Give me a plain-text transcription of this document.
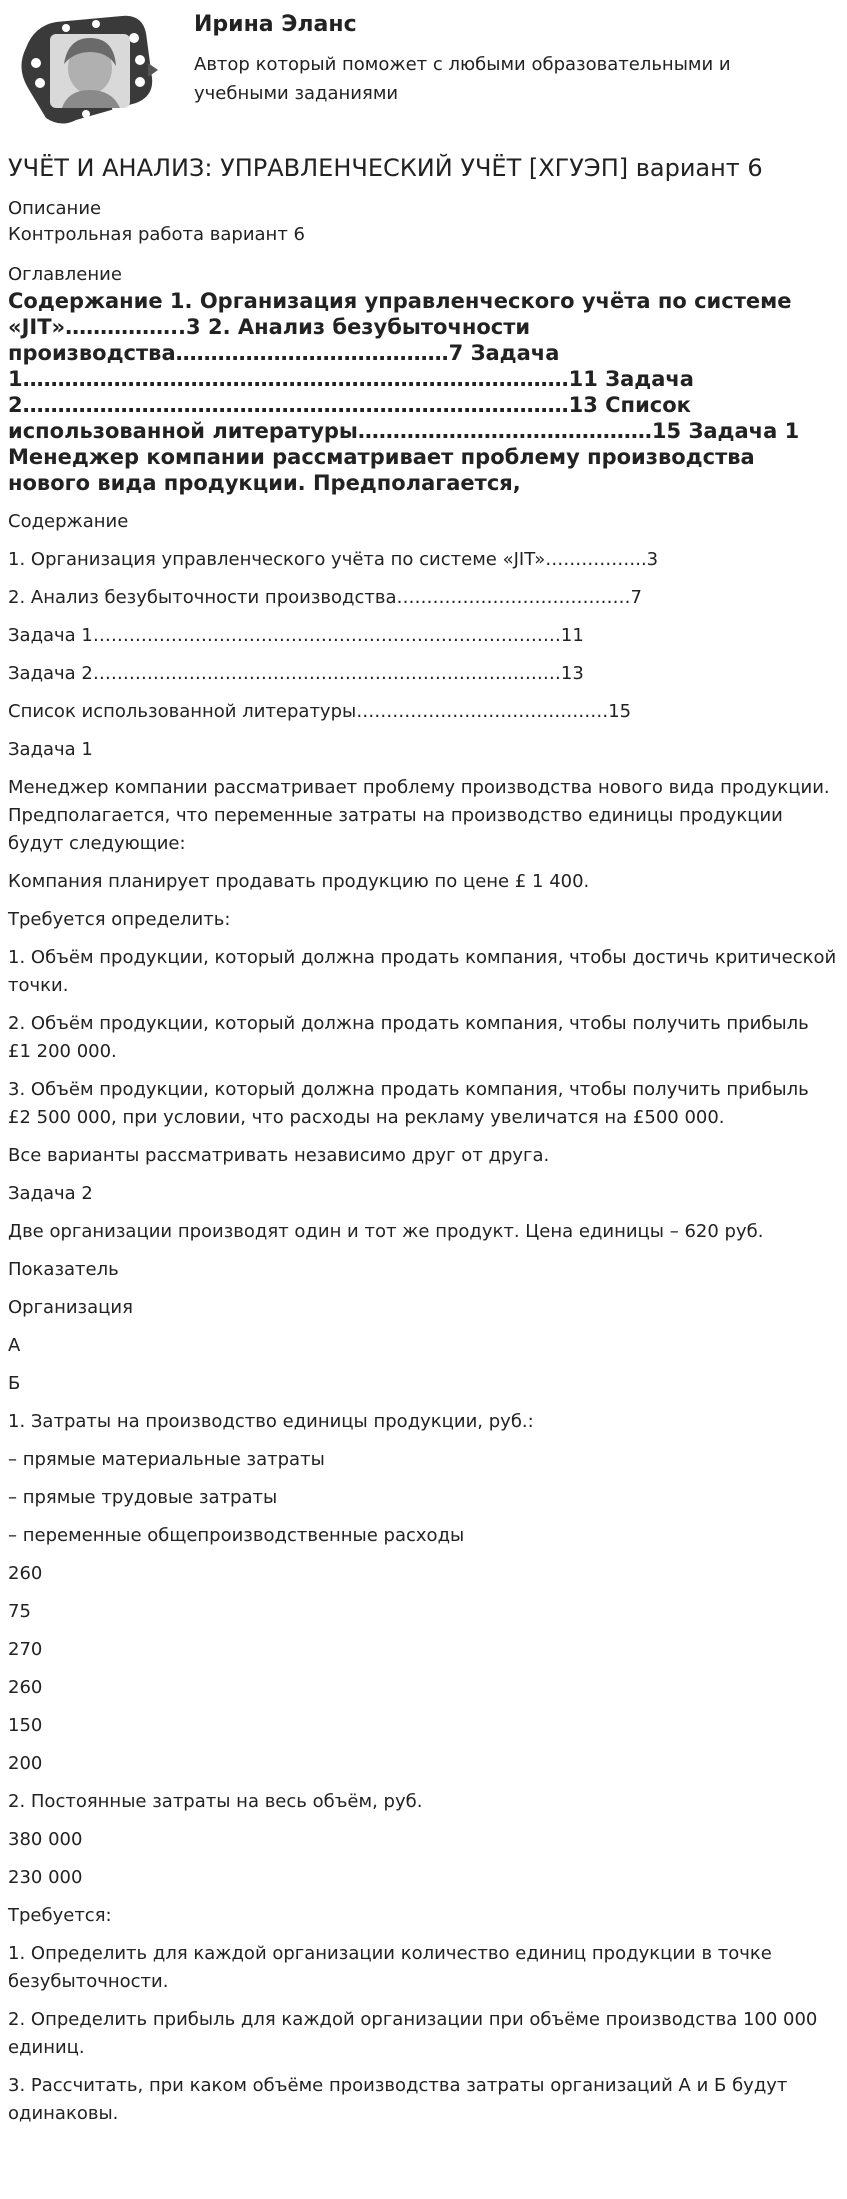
Ирина Эланс

Автор который поможет с любыми образовательными и учебными заданиями

УЧЁТ И АНАЛИЗ: УПРАВЛЕНЧЕСКИЙ УЧЁТ [ХГУЭП] вариант 6

Описание

Контрольная работа вариант 6

Оглавление

Содержание 1. Организация управленческого учёта по системе «JIT»……………..3 2. Анализ безубыточности производства…………………………………7 Задача 1……………………………………………………………………11 Задача 2……………………………………………………………………13 Список использованной литературы……………………………………15 Задача 1 Менеджер компании рассматривает проблему производства нового вида продукции. Предполагается,

Содержание

1. Организация управленческого учёта по системе «JIT»……………..3

2. Анализ безубыточности производства…………………………………7

Задача 1……………………………………………………………………11

Задача 2……………………………………………………………………13

Список использованной литературы……………………………………15

Задача 1

Менеджер компании рассматривает проблему производства нового вида продукции. Предполагается, что переменные затраты на производство единицы продукции будут следующие:

Компания планирует продавать продукцию по цене £ 1 400.

Требуется определить:

1. Объём продукции, который должна продать компания, чтобы достичь критической точки.

2. Объём продукции, который должна продать компания, чтобы получить прибыль £1 200 000.

3. Объём продукции, который должна продать компания, чтобы получить прибыль £2 500 000, при условии, что расходы на рекламу увеличатся на £500 000.

Все варианты рассматривать независимо друг от друга.

Задача 2

Две организации производят один и тот же продукт. Цена единицы – 620 руб.

Показатель

Организация

А

Б

1. Затраты на производство единицы продукции, руб.:

– прямые материальные затраты

– прямые трудовые затраты

– переменные общепроизводственные расходы

260

75

270

260

150

200

2. Постоянные затраты на весь объём, руб.

380 000

230 000

Требуется:

1. Определить для каждой организации количество единиц продукции в точке безубыточности.

2. Определить прибыль для каждой организации при объёме производства 100 000 единиц.

3. Рассчитать, при каком объёме производства затраты организаций А и Б будут одинаковы.
